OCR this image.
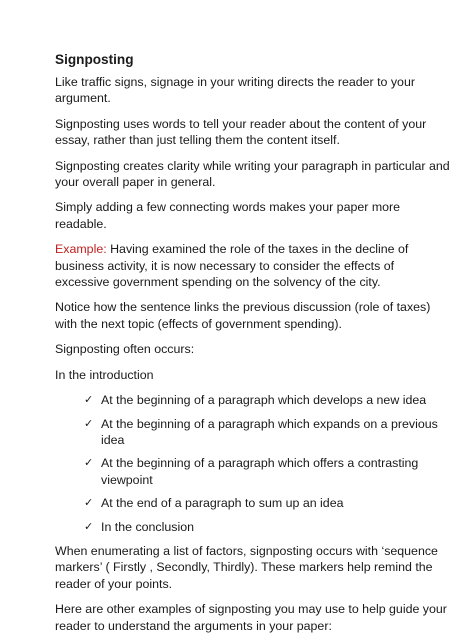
Signposting

Like traffic signs, signage in your writing directs the reader to your argument.

Signposting uses words to tell your reader about the content of your essay, rather than just telling them the content itself.

Signposting creates clarity while writing your paragraph in particular and your overall paper in general.

Simply adding a few connecting words makes your paper more readable.

Example: Having examined the role of the taxes in the decline of business activity, it is now necessary to consider the effects of excessive government spending on the solvency of the city.

Notice how the sentence links the previous discussion (role of taxes) with the next topic (effects of government spending).

Signposting often occurs:

In the introduction

✓ At the beginning of a paragraph which develops a new idea
✓ At the beginning of a paragraph which expands on a previous idea
✓ At the beginning of a paragraph which offers a contrasting viewpoint
✓ At the end of a paragraph to sum up an idea
✓ In the conclusion

When enumerating a list of factors, signposting occurs with ‘sequence markers’ ( Firstly , Secondly, Thirdly). These markers help remind the reader of your points.

Here are other examples of signposting you may use to help guide your reader to understand the arguments in your paper:
